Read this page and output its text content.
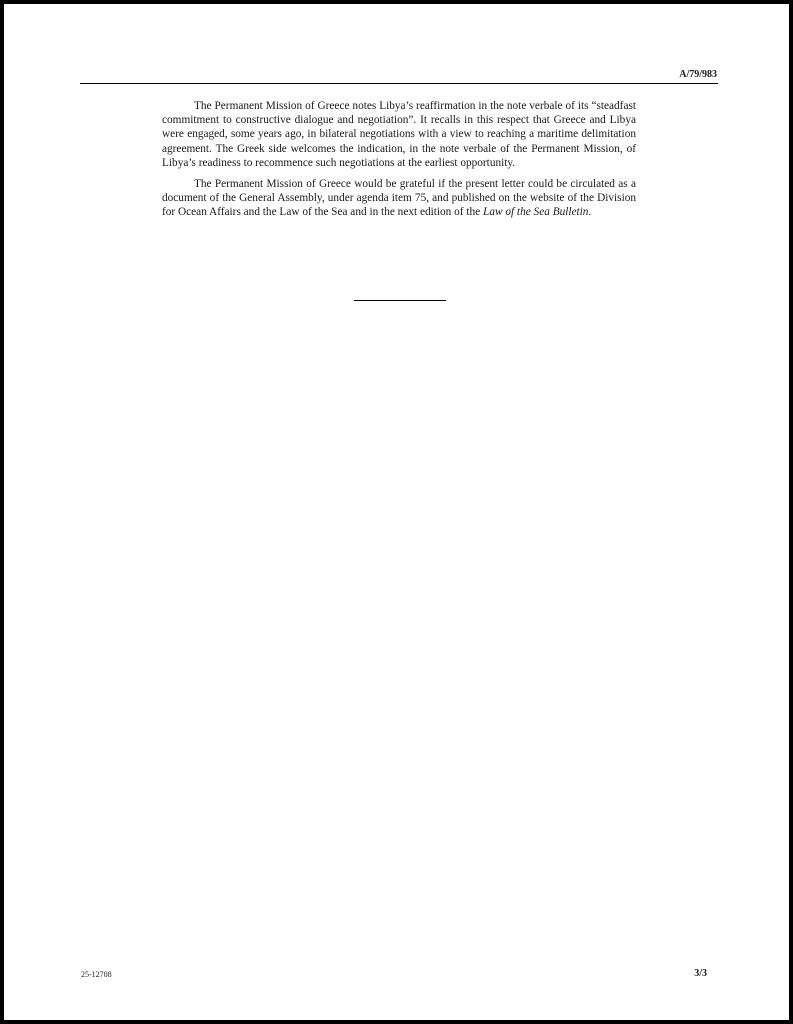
A/79/983

The Permanent Mission of Greece notes Libya’s reaffirmation in the note verbale of its “steadfast commitment to constructive dialogue and negotiation”. It recalls in this respect that Greece and Libya were engaged, some years ago, in bilateral negotiations with a view to reaching a maritime delimitation agreement. The Greek side welcomes the indication, in the note verbale of the Permanent Mission, of Libya’s readiness to recommence such negotiations at the earliest opportunity.

The Permanent Mission of Greece would be grateful if the present letter could be circulated as a document of the General Assembly, under agenda item 75, and published on the website of the Division for Ocean Affairs and the Law of the Sea and in the next edition of the Law of the Sea Bulletin.

25-12708	3/3
